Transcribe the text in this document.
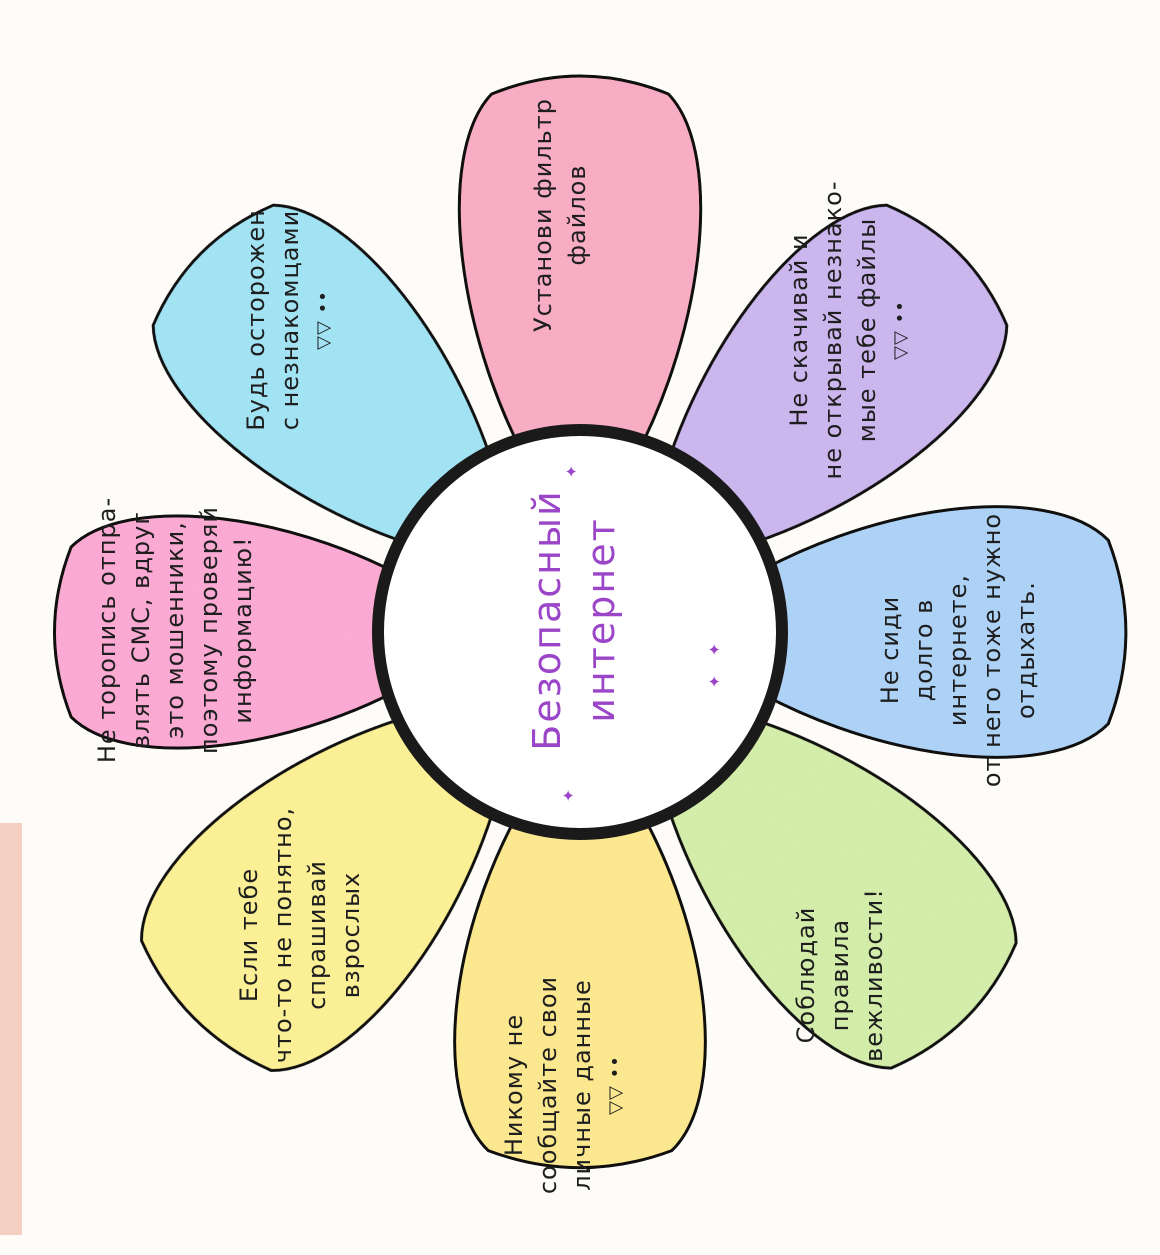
Безопасный интернет
✦
✦
✦
✦
Установи фильтр файлов
Не скачивай и не открывай незнако- мые тебе файлы ▽▽ ••
Не сиди долго в интернете, от него тоже нужно отдыхать.
Соблюдай правила вежливости!
Никому не сообщайте свои личные данные ▽▽ ••
Если тебе что-то не понятно, спрашивай взрослых
Не торопись отпра- влять СМС, вдруг это мошенники, поэтому проверяй информацию!
Будь осторожен с незнакомцами ▽▽ ••
